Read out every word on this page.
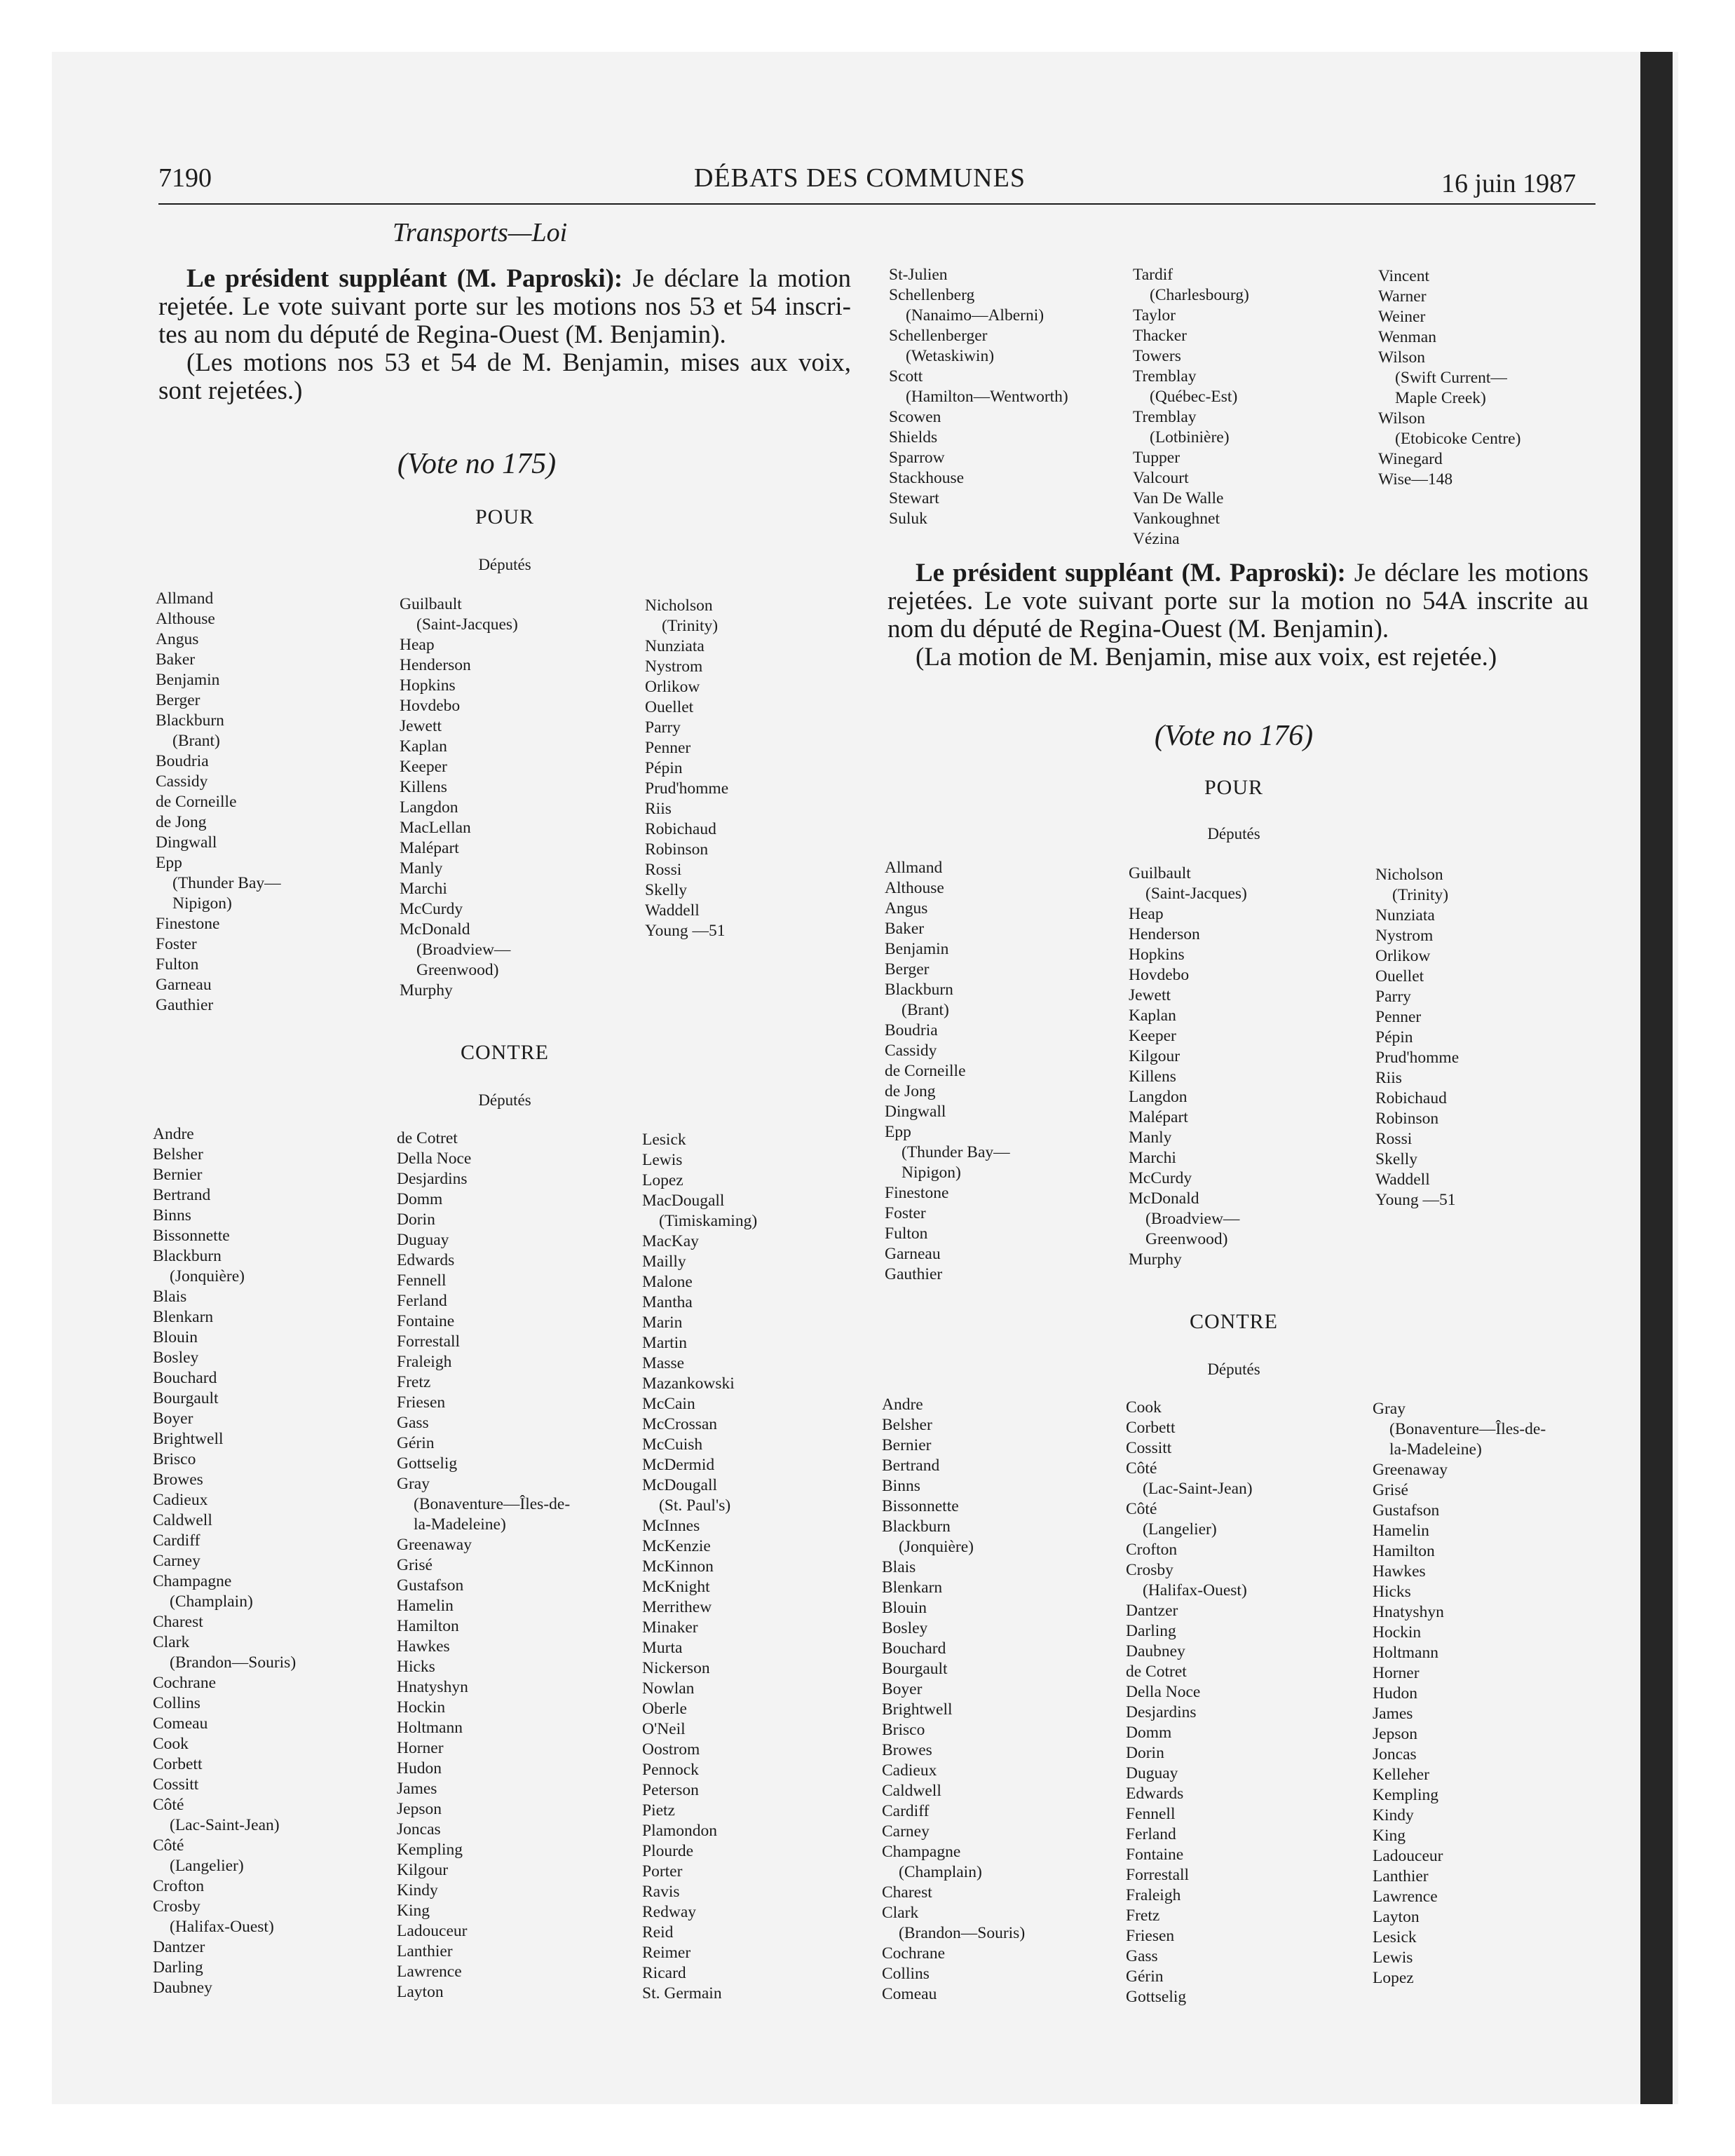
7190	DÉBATS DES COMMUNES	16 juin 1987
Transports—Loi

Le président suppléant (M. Paproski): Je déclare la motion rejetée. Le vote suivant porte sur les motions nos 53 et 54 inscri- tes au nom du député de Regina-Ouest (M. Benjamin).

(Les motions nos 53 et 54 de M. Benjamin, mises aux voix, sont rejetées.)

(Vote no 175)
POUR
Députés
Allmand
Althouse
Angus
Baker
Benjamin
Berger
Blackburn
(Brant)
Boudria
Cassidy
de Corneille
de Jong
Dingwall
Epp
(Thunder Bay—
Nipigon)
Finestone
Foster
Fulton
Garneau
Gauthier
Guilbault
(Saint-Jacques)
Heap
Henderson
Hopkins
Hovdebo
Jewett
Kaplan
Keeper
Killens
Langdon
MacLellan
Malépart
Manly
Marchi
McCurdy
McDonald
(Broadview—
Greenwood)
Murphy
Nicholson
(Trinity)
Nunziata
Nystrom
Orlikow
Ouellet
Parry
Penner
Pépin
Prud'homme
Riis
Robichaud
Robinson
Rossi
Skelly
Waddell
Young —51
CONTRE
Députés
Andre
Belsher
Bernier
Bertrand
Binns
Bissonnette
Blackburn
(Jonquière)
Blais
Blenkarn
Blouin
Bosley
Bouchard
Bourgault
Boyer
Brightwell
Brisco
Browes
Cadieux
Caldwell
Cardiff
Carney
Champagne
(Champlain)
Charest
Clark
(Brandon—Souris)
Cochrane
Collins
Comeau
Cook
Corbett
Cossitt
Côté
(Lac-Saint-Jean)
Côté
(Langelier)
Crofton
Crosby
(Halifax-Ouest)
Dantzer
Darling
Daubney
de Cotret
Della Noce
Desjardins
Domm
Dorin
Duguay
Edwards
Fennell
Ferland
Fontaine
Forrestall
Fraleigh
Fretz
Friesen
Gass
Gérin
Gottselig
Gray
(Bonaventure—Îles-de-
la-Madeleine)
Greenaway
Grisé
Gustafson
Hamelin
Hamilton
Hawkes
Hicks
Hnatyshyn
Hockin
Holtmann
Horner
Hudon
James
Jepson
Joncas
Kempling
Kilgour
Kindy
King
Ladouceur
Lanthier
Lawrence
Layton
Lesick
Lewis
Lopez
MacDougall
(Timiskaming)
MacKay
Mailly
Malone
Mantha
Marin
Martin
Masse
Mazankowski
McCain
McCrossan
McCuish
McDermid
McDougall
(St. Paul's)
McInnes
McKenzie
McKinnon
McKnight
Merrithew
Minaker
Murta
Nickerson
Nowlan
Oberle
O'Neil
Oostrom
Pennock
Peterson
Pietz
Plamondon
Plourde
Porter
Ravis
Redway
Reid
Reimer
Ricard
St. Germain
St-Julien
Schellenberg
(Nanaimo—Alberni)
Schellenberger
(Wetaskiwin)
Scott
(Hamilton—Wentworth)
Scowen
Shields
Sparrow
Stackhouse
Stewart
Suluk
Tardif
(Charlesbourg)
Taylor
Thacker
Towers
Tremblay
(Québec-Est)
Tremblay
(Lotbinière)
Tupper
Valcourt
Van De Walle
Vankoughnet
Vézina
Vincent
Warner
Weiner
Wenman
Wilson
(Swift Current—
Maple Creek)
Wilson
(Etobicoke Centre)
Winegard
Wise—148

Le président suppléant (M. Paproski): Je déclare les motions rejetées. Le vote suivant porte sur la motion no 54A inscrite au nom du député de Regina-Ouest (M. Benjamin).

(La motion de M. Benjamin, mise aux voix, est rejetée.)

(Vote no 176)
POUR
Députés
Allmand
Althouse
Angus
Baker
Benjamin
Berger
Blackburn
(Brant)
Boudria
Cassidy
de Corneille
de Jong
Dingwall
Epp
(Thunder Bay—
Nipigon)
Finestone
Foster
Fulton
Garneau
Gauthier
Guilbault
(Saint-Jacques)
Heap
Henderson
Hopkins
Hovdebo
Jewett
Kaplan
Keeper
Kilgour
Killens
Langdon
Malépart
Manly
Marchi
McCurdy
McDonald
(Broadview—
Greenwood)
Murphy
Nicholson
(Trinity)
Nunziata
Nystrom
Orlikow
Ouellet
Parry
Penner
Pépin
Prud'homme
Riis
Robichaud
Robinson
Rossi
Skelly
Waddell
Young —51
CONTRE
Députés
Andre
Belsher
Bernier
Bertrand
Binns
Bissonnette
Blackburn
(Jonquière)
Blais
Blenkarn
Blouin
Bosley
Bouchard
Bourgault
Boyer
Brightwell
Brisco
Browes
Cadieux
Caldwell
Cardiff
Carney
Champagne
(Champlain)
Charest
Clark
(Brandon—Souris)
Cochrane
Collins
Comeau
Cook
Corbett
Cossitt
Côté
(Lac-Saint-Jean)
Côté
(Langelier)
Crofton
Crosby
(Halifax-Ouest)
Dantzer
Darling
Daubney
de Cotret
Della Noce
Desjardins
Domm
Dorin
Duguay
Edwards
Fennell
Ferland
Fontaine
Forrestall
Fraleigh
Fretz
Friesen
Gass
Gérin
Gottselig
Gray
(Bonaventure—Îles-de-
la-Madeleine)
Greenaway
Grisé
Gustafson
Hamelin
Hamilton
Hawkes
Hicks
Hnatyshyn
Hockin
Holtmann
Horner
Hudon
James
Jepson
Joncas
Kelleher
Kempling
Kindy
King
Ladouceur
Lanthier
Lawrence
Layton
Lesick
Lewis
Lopez
